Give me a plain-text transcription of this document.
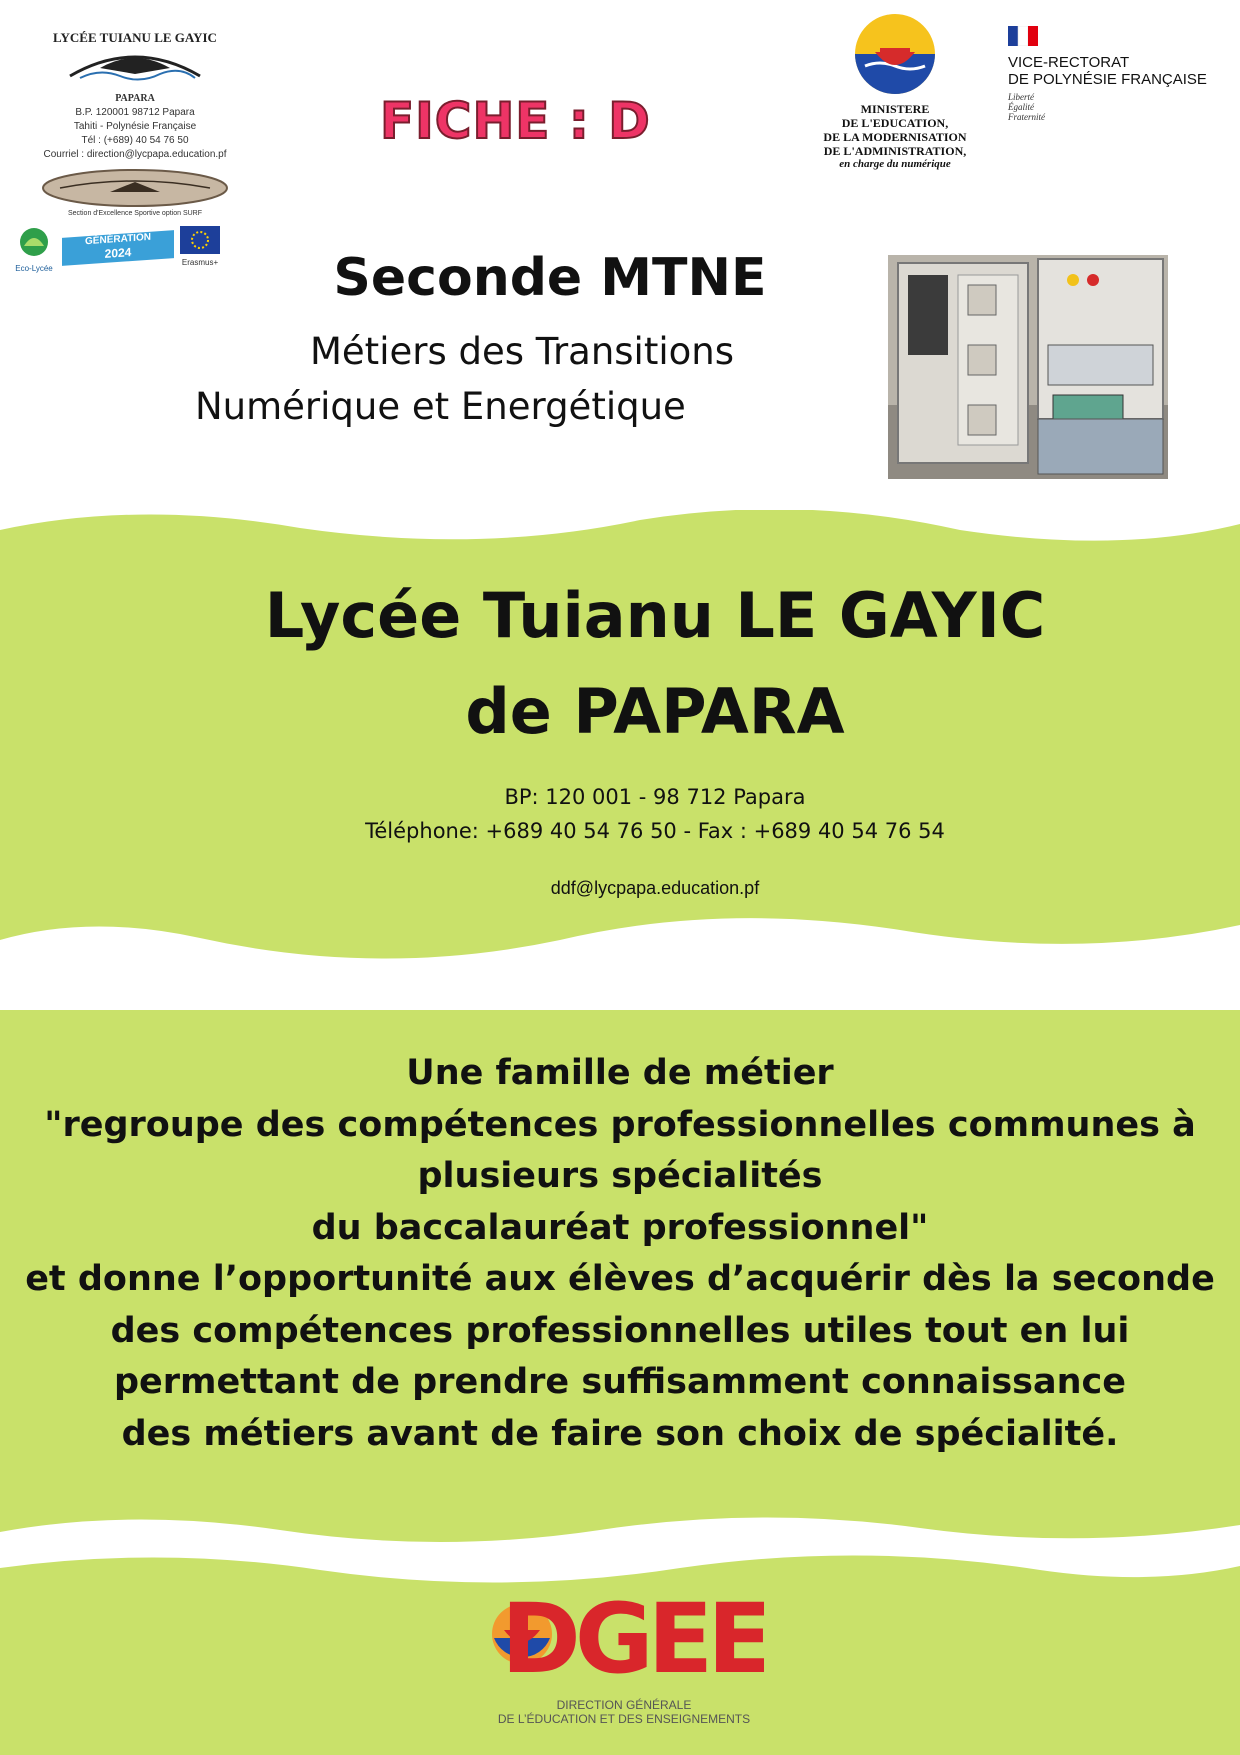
LYCÉE TUIANU LE GAYIC
PAPARA
B.P. 120001 98712 Papara
Tahiti - Polynésie Française
Tél : (+689) 40 54 76 50
Courriel : direction@lycpapa.education.pf
Section d'Excellence Sportive option SURF
Eco-Lycée
GÉNÉRATION
2024
Erasmus+
FICHE : D	MINISTERE
DE L'EDUCATION,
DE LA MODERNISATION
DE L'ADMINISTRATION,
en charge du numérique
VICE-RECTORAT
DE POLYNÉSIE FRANÇAISE
Liberté
Égalité
Fraternité
Seconde MTNE
Métiers des Transitions
Numérique et Energétique
Lycée Tuianu LE GAYIC
de PAPARA
BP: 120 001 - 98 712 Papara
Téléphone: +689 40 54 76 50 - Fax : +689 40 54 76 54
ddf@lycpapa.education.pf
Une famille de métier
"regroupe des compétences professionnelles communes à
plusieurs spécialités
du baccalauréat professionnel"
et donne l’opportunité aux élèves d’acquérir dès la seconde
des compétences professionnelles utiles tout en lui
permettant de prendre suffisamment connaissance
des métiers avant de faire son choix de spécialité.
DGEE
DIRECTION GÉNÉRALE
DE L’ÉDUCATION ET DES ENSEIGNEMENTS
